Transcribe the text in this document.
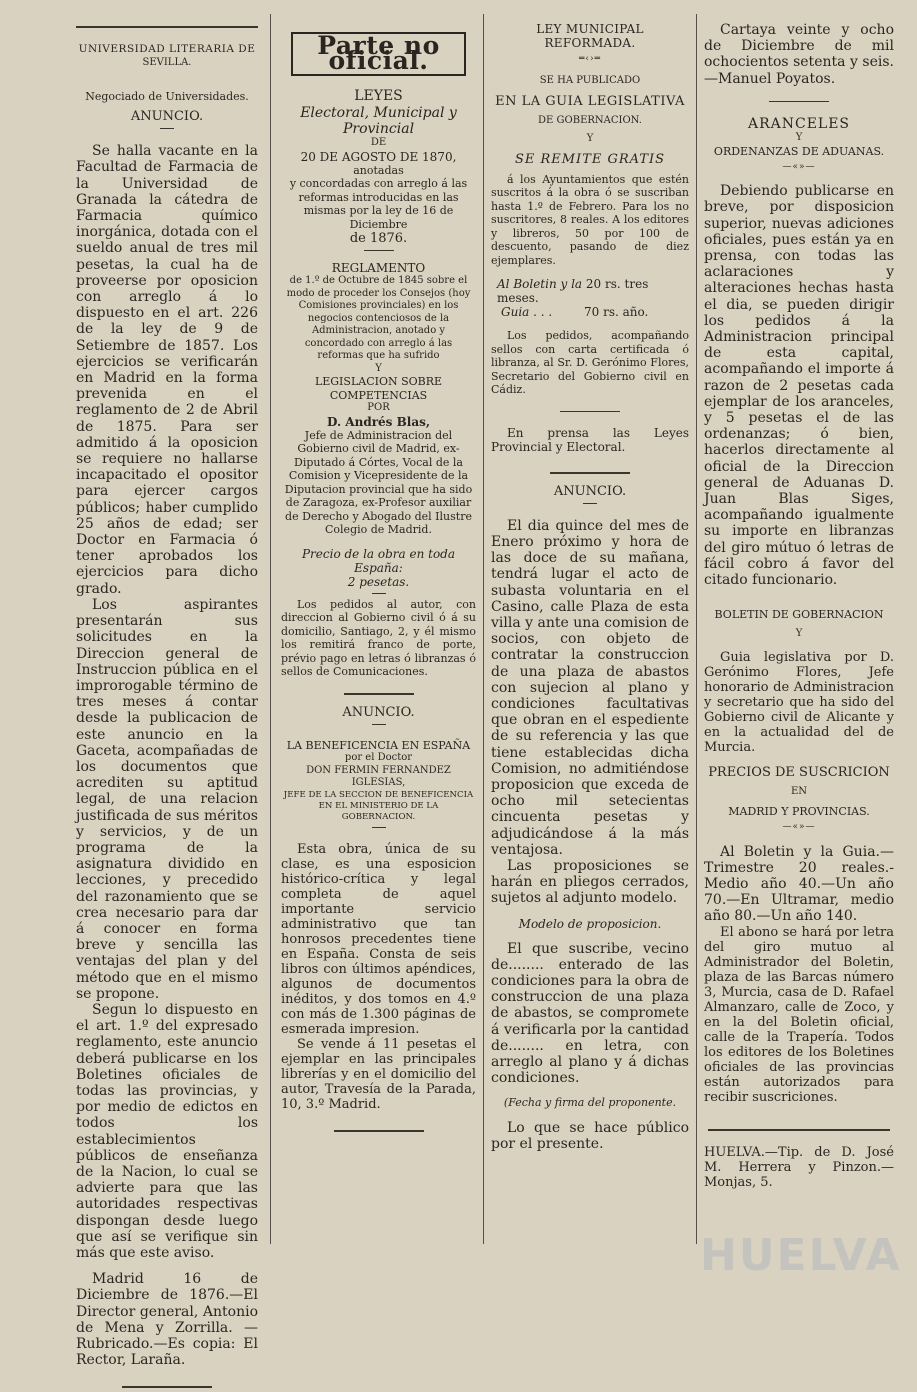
UNIVERSIDAD LITERARIA DE
SEVILLA.
Negociado de Universidades.
ANUNCIO.

Se halla vacante en la Facultad de Farmacia de la Universidad de Granada la cátedra de Farmacia químico inorgánica, dotada con el sueldo anual de tres mil pesetas, la cual ha de proveerse por oposicion con arreglo á lo dispuesto en el art. 226 de la ley de 9 de Setiembre de 1857. Los ejercicios se verificarán en Madrid en la forma prevenida en el reglamento de 2 de Abril de 1875. Para ser admitido á la oposicion se requiere no hallarse incapacitado el opositor para ejercer cargos públicos; haber cumplido 25 años de edad; ser Doctor en Farmacia ó tener aprobados los ejercicios para dicho grado.

Los aspirantes presentarán sus solicitudes en la Direccion general de Instruccion pública en el improrogable término de tres meses á contar desde la publicacion de este anuncio en la Gaceta, acompañadas de los documentos que acrediten su aptitud legal, de una relacion justificada de sus méritos y servicios, y de un programa de la asignatura dividido en lecciones, y precedido del razonamiento que se crea necesario para dar á conocer en forma breve y sencilla las ventajas del plan y del método que en el mismo se propone.

Segun lo dispuesto en el art. 1.º del expresado reglamento, este anuncio deberá publicarse en los Boletines oficiales de todas las provincias, y por medio de edictos en todos los establecimientos públicos de enseñanza de la Nacion, lo cual se advierte para que las autoridades respectivas dispongan desde luego que así se verifique sin más que este aviso.

Madrid 16 de Diciembre de 1876.—El Director general, Antonio de Mena y Zorrilla. —Rubricado.—Es copia: El Rector, Laraña.

Parte no oficial.
LEYES
Electoral, Municipal y Provincial
DE
20 DE AGOSTO DE 1870,
anotadas
y concordadas con arreglo á las reformas introducidas en las mismas por la ley de 16 de Diciembre
de 1876.
REGLAMENTO
de 1.º de Octubre de 1845 sobre el modo de proceder los Consejos (hoy Comisiones provinciales) en los negocios contenciosos de la Administracion, anotado y concordado con arreglo á las reformas que ha sufrido
Y
LEGISLACION SOBRE COMPETENCIAS
POR
D. Andrés Blas,
Jefe de Administracion del Gobierno civil de Madrid, ex-Diputado á Córtes, Vocal de la Comision y Vicepresidente de la Diputacion provincial que ha sido de Zaragoza, ex-Profesor auxiliar de Derecho y Abogado del Ilustre Colegio de Madrid.
Precio de la obra en toda España:
2 pesetas.

Los pedidos al autor, con direccion al Gobierno civil ó á su domicilio, Santiago, 2, y él mismo los remitirá franco de porte, prévio pago en letras ó libranzas ó sellos de Comunicaciones.

ANUNCIO.
LA BENEFICENCIA EN ESPAÑA
por el Doctor
DON FERMIN FERNANDEZ IGLESIAS,
JEFE DE LA SECCION DE BENEFICENCIA EN EL MINISTERIO DE LA GOBERNACION.

Esta obra, única de su clase, es una esposicion histórico-crítica y legal completa de aquel importante servicio administrativo que tan honrosos precedentes tiene en España. Consta de seis libros con últimos apéndices, algunos de documentos inéditos, y dos tomos en 4.º con más de 1.300 páginas de esmerada impresion.

Se vende á 11 pesetas el ejemplar en las principales librerías y en el domicilio del autor, Travesía de la Parada, 10, 3.º Madrid.

LEY MUNICIPAL REFORMADA.
═‹›═
SE HA PUBLICADO
EN LA GUIA LEGISLATIVA
DE GOBERNACION.
Y
SE REMITE GRATIS

á los Ayuntamientos que estén suscritos á la obra ó se suscriban hasta 1.º de Febrero. Para los no suscritores, 8 reales. A los editores y libreros, 50 por 100 de descuento, pasando de diez ejemplares.

Al Boletin y la 20 rs. tres meses.
Guia . . .	70 rs. año.

Los pedidos, acompañando sellos con carta certificada ó libranza, al Sr. D. Gerónimo Flores, Secretario del Gobierno civil en Cádiz.

En prensa las Leyes Provincial y Electoral.

ANUNCIO.

El dia quince del mes de Enero próximo y hora de las doce de su mañana, tendrá lugar el acto de subasta voluntaria en el Casino, calle Plaza de esta villa y ante una comision de socios, con objeto de contratar la construccion de una plaza de abastos con sujecion al plano y condiciones facultativas que obran en el espediente de su referencia y las que tiene establecidas dicha Comision, no admitiéndose proposicion que exceda de ocho mil setecientas cincuenta pesetas y adjudicándose á la más ventajosa.

Las proposiciones se harán en pliegos cerrados, sujetos al adjunto modelo.

Modelo de proposicion.

El que suscribe, vecino de........ enterado de las condiciones para la obra de construccion de una plaza de abastos, se compromete á verificarla por la cantidad de........ en letra, con arreglo al plano y á dichas condiciones.

(Fecha y firma del proponente.

Lo que se hace público por el presente.

Cartaya veinte y ocho de Diciembre de mil ochocientos setenta y seis.—Manuel Poyatos.

ARANCELES
Y
ORDENANZAS DE ADUANAS.
—«»—

Debiendo publicarse en breve, por disposicion superior, nuevas adiciones oficiales, pues están ya en prensa, con todas las aclaraciones y alteraciones hechas hasta el dia, se pueden dirigir los pedidos á la Administracion principal de esta capital, acompañando el importe á razon de 2 pesetas cada ejemplar de los aranceles, y 5 pesetas el de las ordenanzas; ó bien, hacerlos directamente al oficial de la Direccion general de Aduanas D. Juan Blas Siges, acompañando igualmente su importe en libranzas del giro mútuo ó letras de fácil cobro á favor del citado funcionario.

BOLETIN DE GOBERNACION
Y

Guia legislativa por D. Gerónimo Flores, Jefe honorario de Administracion y secretario que ha sido del Gobierno civil de Alicante y en la actualidad del de Murcia.

PRECIOS DE SUSCRICION
EN
MADRID Y PROVINCIAS.
—«»—

Al Boletin y la Guia.—Trimestre 20 reales.-Medio año 40.—Un año 70.—En Ultramar, medio año 80.—Un año 140.

El abono se hará por letra del giro mutuo al Administrador del Boletin, plaza de las Barcas número 3, Murcia, casa de D. Rafael Almanzaro, calle de Zoco, y en la del Boletin oficial, calle de la Trapería. Todos los editores de los Boletines oficiales de las provincias están autorizados para recibir suscriciones.

HUELVA.—Tip. de D. José M. Herrera y Pinzon.—Monjas, 5.

HUELVA
